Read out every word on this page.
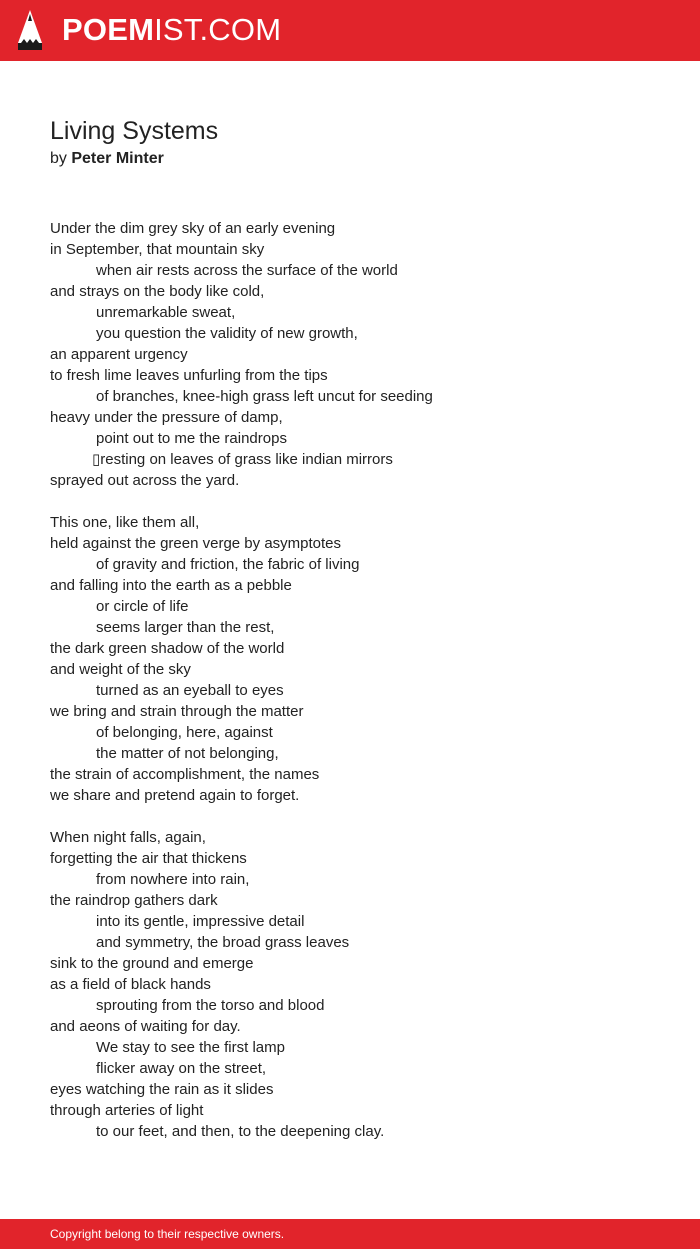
POEMIST.COM
Living Systems
by Peter Minter
Under the dim grey sky of an early evening
in September, that mountain sky
when air rests across the surface of the world
and strays on the body like cold,
unremarkable sweat,
you question the validity of new growth,
an apparent urgency
to fresh lime leaves unfurling from the tips
of branches, knee-high grass left uncut for seeding
heavy under the pressure of damp,
point out to me the raindrops
▯resting on leaves of grass like indian mirrors
sprayed out across the yard.
This one, like them all,
held against the green verge by asymptotes
of gravity and friction, the fabric of living
and falling into the earth as a pebble
or circle of life
seems larger than the rest,
the dark green shadow of the world
and weight of the sky
turned as an eyeball to eyes
we bring and strain through the matter
of belonging, here, against
the matter of not belonging,
the strain of accomplishment, the names
we share and pretend again to forget.
When night falls, again,
forgetting the air that thickens
from nowhere into rain,
the raindrop gathers dark
into its gentle, impressive detail
and symmetry, the broad grass leaves
sink to the ground and emerge
as a field of black hands
sprouting from the torso and blood
and aeons of waiting for day.
We stay to see the first lamp
flicker away on the street,
eyes watching the rain as it slides
through arteries of light
to our feet, and then, to the deepening clay.
Copyright belong to their respective owners.
